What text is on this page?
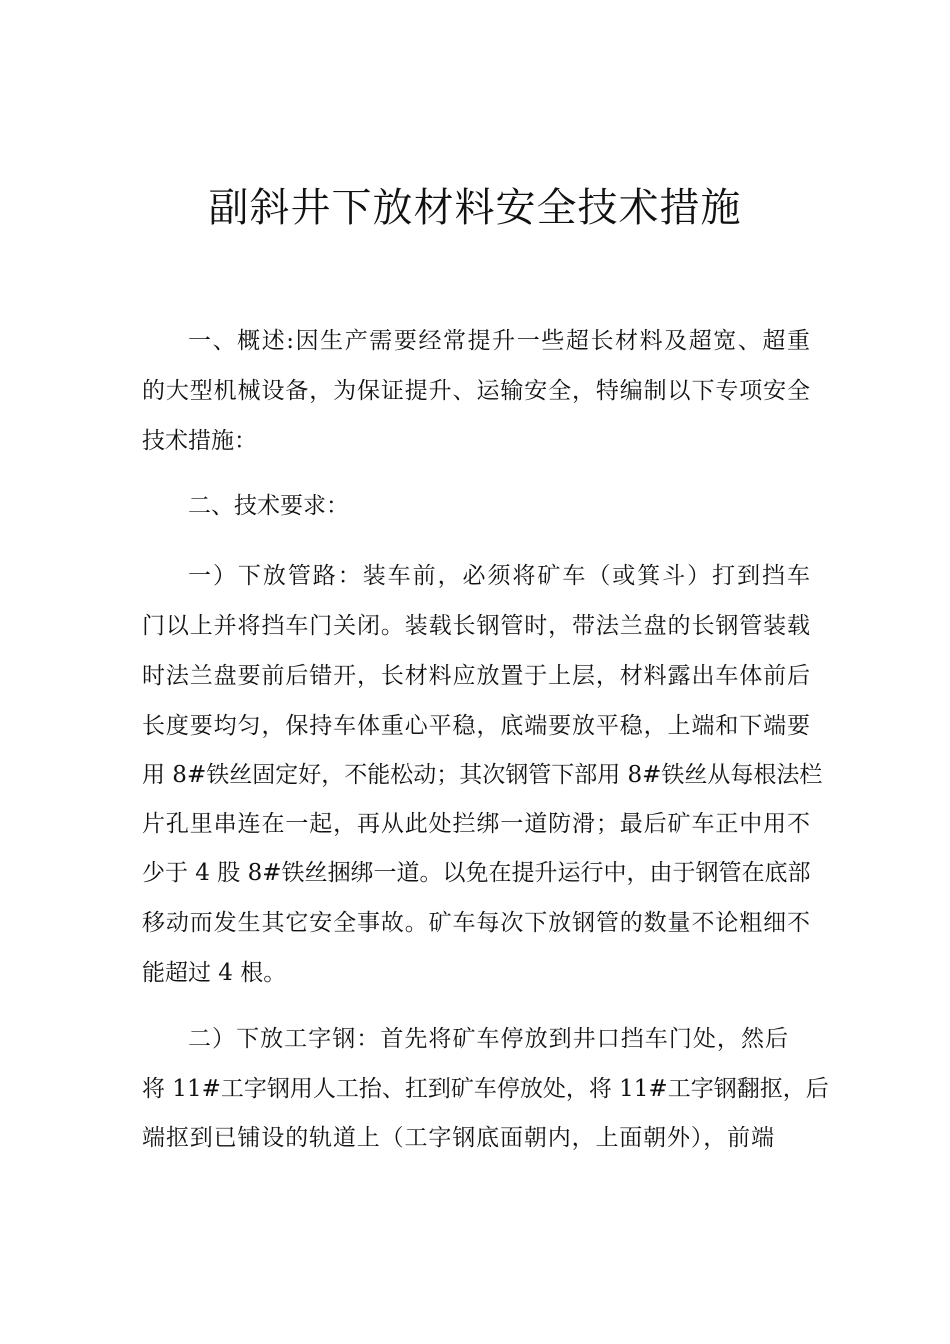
副斜井下放材料安全技术措施

一、概述:因生产需要经常提升一些超长材料及超宽、超重

的大型机械设备，为保证提升、运输安全，特编制以下专项安全

技术措施：

二、技术要求：

一）下放管路：装车前，必须将矿车（或箕斗）打到挡车

门以上并将挡车门关闭。装载长钢管时，带法兰盘的长钢管装载

时法兰盘要前后错开，长材料应放置于上层，材料露出车体前后

长度要均匀，保持车体重心平稳，底端要放平稳，上端和下端要

用 8#铁丝固定好，不能松动；其次钢管下部用 8#铁丝从每根法栏

片孔里串连在一起，再从此处拦绑一道防滑；最后矿车正中用不

少于 4 股 8#铁丝捆绑一道。以免在提升运行中，由于钢管在底部

移动而发生其它安全事故。矿车每次下放钢管的数量不论粗细不

能超过 4 根。

二）下放工字钢：首先将矿车停放到井口挡车门处，然后

将 11#工字钢用人工抬、扛到矿车停放处，将 11#工字钢翻抠，后

端抠到已铺设的轨道上（工字钢底面朝内，上面朝外），前端
